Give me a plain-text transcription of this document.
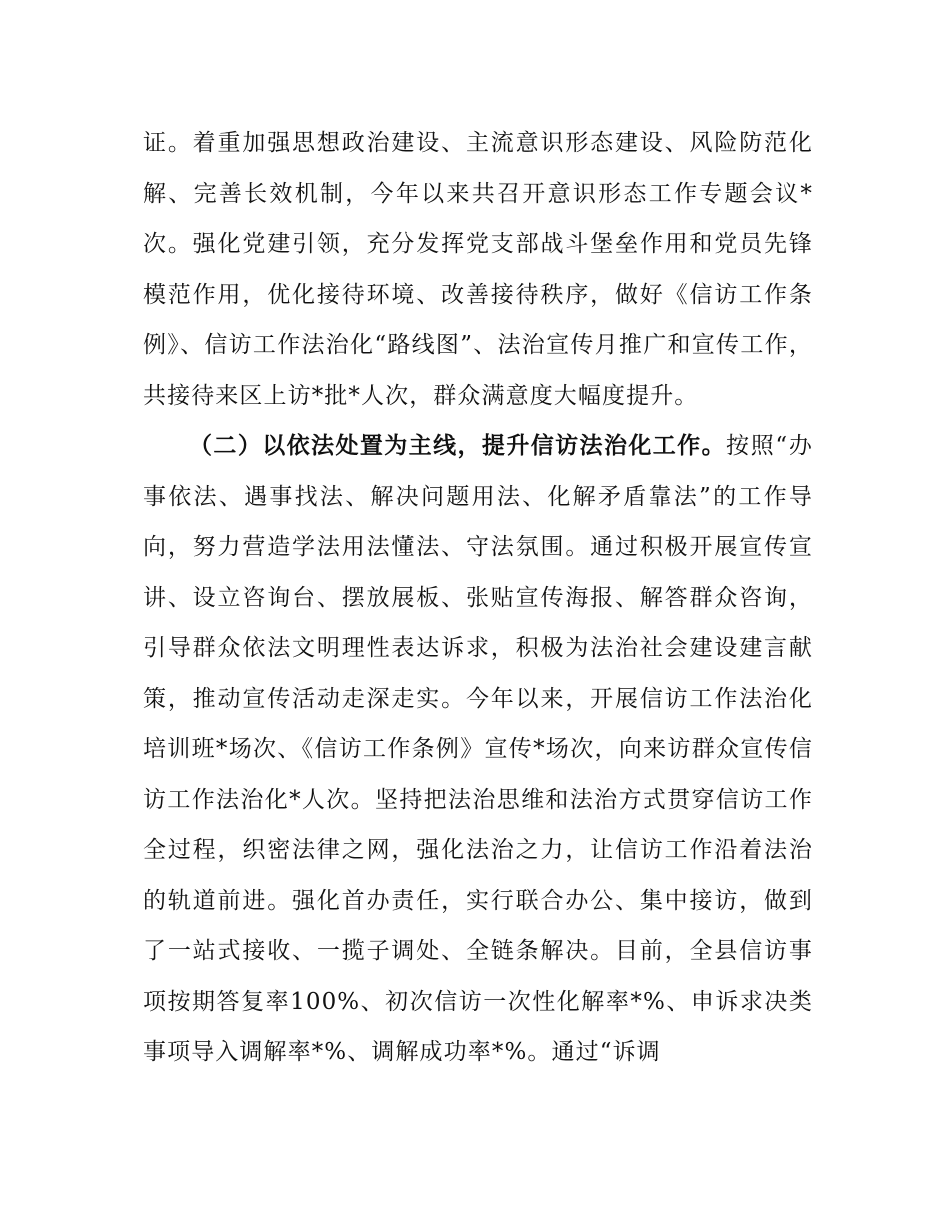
证。着重加强思想政治建设、主流意识形态建设、风险防范化解、完善长效机制，今年以来共召开意识形态工作专题会议*次。强化党建引领，充分发挥党支部战斗堡垒作用和党员先锋模范作用，优化接待环境、改善接待秩序，做好《信访工作条例》、信访工作法治化“路线图”、法治宣传月推广和宣传工作，共接待来区上访*批*人次，群众满意度大幅度提升。

（二）以依法处置为主线，提升信访法治化工作。按照“办事依法、遇事找法、解决问题用法、化解矛盾靠法”的工作导向，努力营造学法用法懂法、守法氛围。通过积极开展宣传宣讲、设立咨询台、摆放展板、张贴宣传海报、解答群众咨询，引导群众依法文明理性表达诉求，积极为法治社会建设建言献策，推动宣传活动走深走实。今年以来，开展信访工作法治化培训班*场次、《信访工作条例》宣传*场次，向来访群众宣传信访工作法治化*人次。坚持把法治思维和法治方式贯穿信访工作全过程，织密法律之网，强化法治之力，让信访工作沿着法治的轨道前进。强化首办责任，实行联合办公、集中接访，做到了一站式接收、一揽子调处、全链条解决。目前，全县信访事项按期答复率100%、初次信访一次性化解率*%、申诉求决类事项导入调解率*%、调解成功率*%。通过“诉调
